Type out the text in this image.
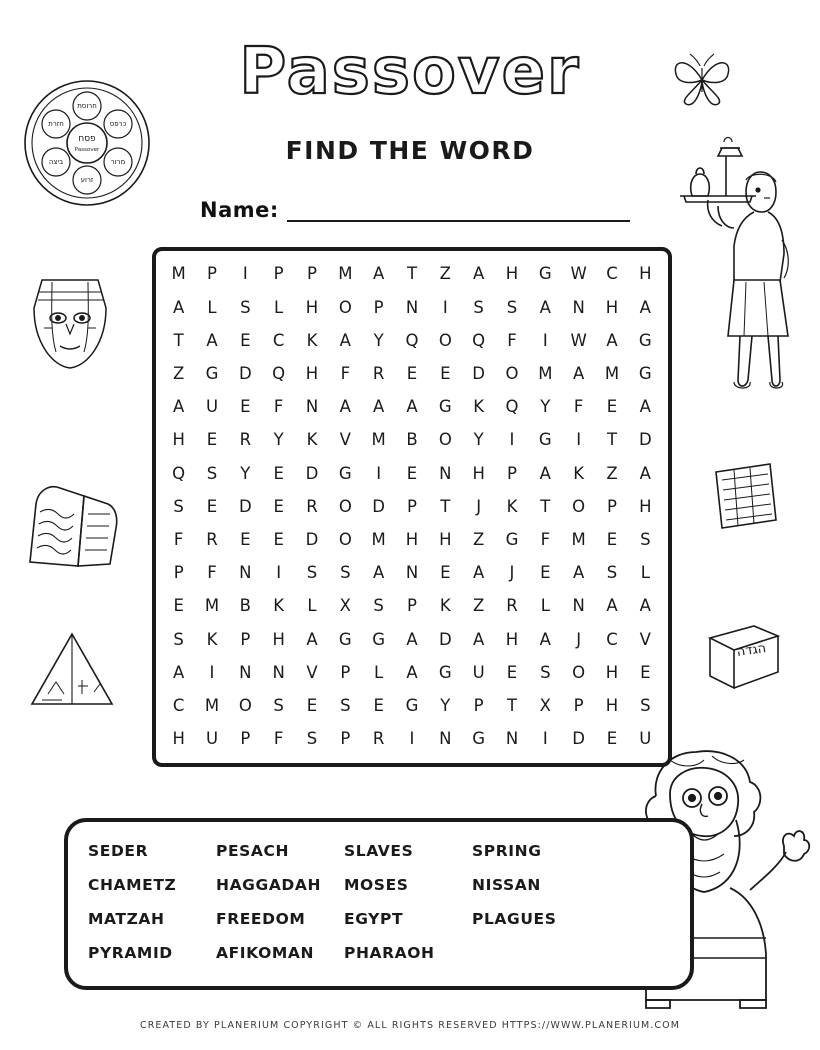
Passover
FIND THE WORD
Name:
חרוסת
כרפס
מרור
זרוע
ביצה
חזרת
פסח
Passover
הגדה
M P I P P M A T Z A H G W C H
A L S L H O P N I S S A N H A
T A E C K A Y Q O Q F I W A G
Z G D Q H F R E E D O M A M G
A U E F N A A A G K Q Y F E A
H E R Y K V M B O Y I G I T D
Q S Y E D G I E N H P A K Z A
S E D E R O D P T J K T O P H
F R E E D O M H H Z G F M E S
P F N I S S A N E A J E A S L
E M B K L X S P K Z R L N A A
S K P H A G G A D A H A J C V
A I N N V P L A G U E S O H E
C M O S E S E G Y P T X P H S
H U P F S P R I N G N I D E U
SEDER	PESACH	SLAVES	SPRING
CHAMETZ	HAGGADAH	MOSES	NISSAN
MATZAH	FREEDOM	EGYPT	PLAGUES
PYRAMID	AFIKOMAN	PHARAOH
CREATED BY PLANERIUM COPYRIGHT © ALL RIGHTS RESERVED HTTPS://WWW.PLANERIUM.COM
